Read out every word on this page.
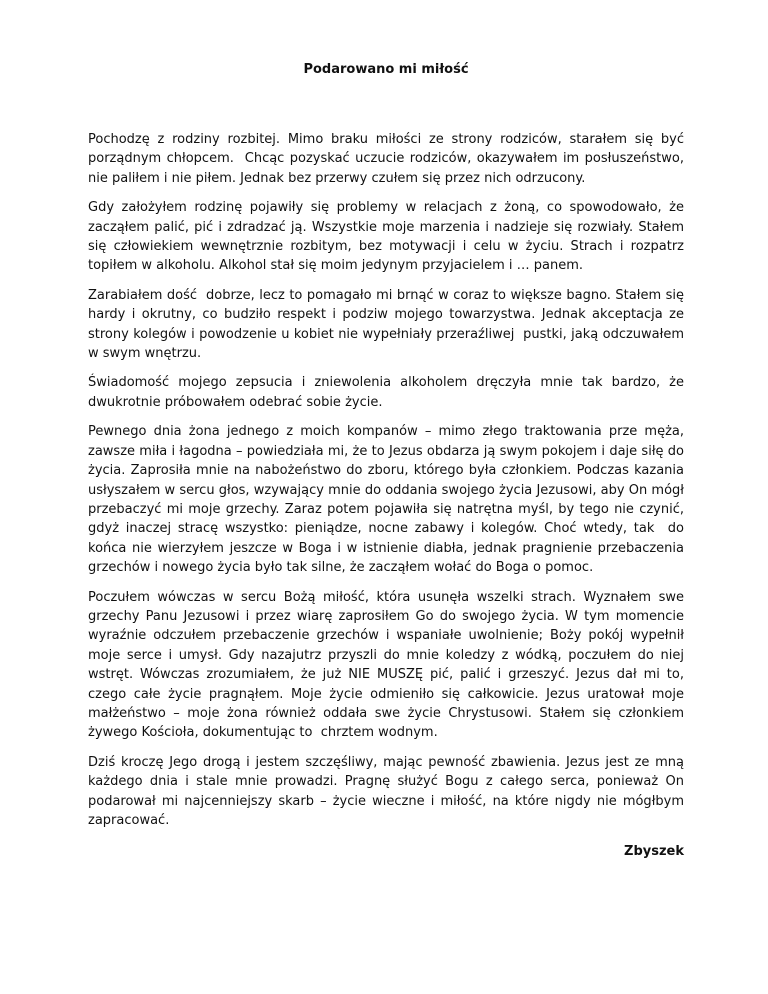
Podarowano mi miłość

Pochodzę z rodziny rozbitej. Mimo braku miłości ze strony rodziców, starałem się być porządnym chłopcem.  Chcąc pozyskać uczucie rodziców, okazywałem im posłuszeństwo, nie paliłem i nie piłem. Jednak bez przerwy czułem się przez nich odrzucony.

Gdy założyłem rodzinę pojawiły się problemy w relacjach z żoną, co spowodowało, że zacząłem palić, pić i zdradzać ją. Wszystkie moje marzenia i nadzieje się rozwiały. Stałem się człowiekiem wewnętrznie rozbitym, bez motywacji i celu w życiu. Strach i rozpatrz topiłem w alkoholu. Alkohol stał się moim jedynym przyjacielem i … panem.

Zarabiałem dość  dobrze, lecz to pomagało mi brnąć w coraz to większe bagno. Stałem się hardy i okrutny, co budziło respekt i podziw mojego towarzystwa. Jednak akceptacja ze strony kolegów i powodzenie u kobiet nie wypełniały przeraźliwej  pustki, jaką odczuwałem w swym wnętrzu.

Świadomość mojego zepsucia i zniewolenia alkoholem dręczyła mnie tak bardzo, że dwukrotnie próbowałem odebrać sobie życie.

Pewnego dnia żona jednego z moich kompanów – mimo złego traktowania prze męża, zawsze miła i łagodna – powiedziała mi, że to Jezus obdarza ją swym pokojem i daje siłę do życia. Zaprosiła mnie na nabożeństwo do zboru, którego była członkiem. Podczas kazania usłyszałem w sercu głos, wzywający mnie do oddania swojego życia Jezusowi, aby On mógł przebaczyć mi moje grzechy. Zaraz potem pojawiła się natrętna myśl, by tego nie czynić, gdyż inaczej stracę wszystko: pieniądze, nocne zabawy i kolegów. Choć wtedy, tak  do końca nie wierzyłem jeszcze w Boga i w istnienie diabła, jednak pragnienie przebaczenia grzechów i nowego życia było tak silne, że zacząłem wołać do Boga o pomoc.

Poczułem wówczas w sercu Bożą miłość, która usunęła wszelki strach. Wyznałem swe grzechy Panu Jezusowi i przez wiarę zaprosiłem Go do swojego życia. W tym momencie wyraźnie odczułem przebaczenie grzechów i wspaniałe uwolnienie; Boży pokój wypełnił moje serce i umysł. Gdy nazajutrz przyszli do mnie koledzy z wódką, poczułem do niej wstręt. Wówczas zrozumiałem, że już NIE MUSZĘ pić, palić i grzeszyć. Jezus dał mi to, czego całe życie pragnąłem. Moje życie odmieniło się całkowicie. Jezus uratował moje małżeństwo – moje żona również oddała swe życie Chrystusowi. Stałem się członkiem żywego Kościoła, dokumentując to  chrztem wodnym.

Dziś kroczę Jego drogą i jestem szczęśliwy, mając pewność zbawienia. Jezus jest ze mną każdego dnia i stale mnie prowadzi. Pragnę służyć Bogu z całego serca, ponieważ On podarował mi najcenniejszy skarb – życie wieczne i miłość, na które nigdy nie mógłbym zapracować.

Zbyszek
